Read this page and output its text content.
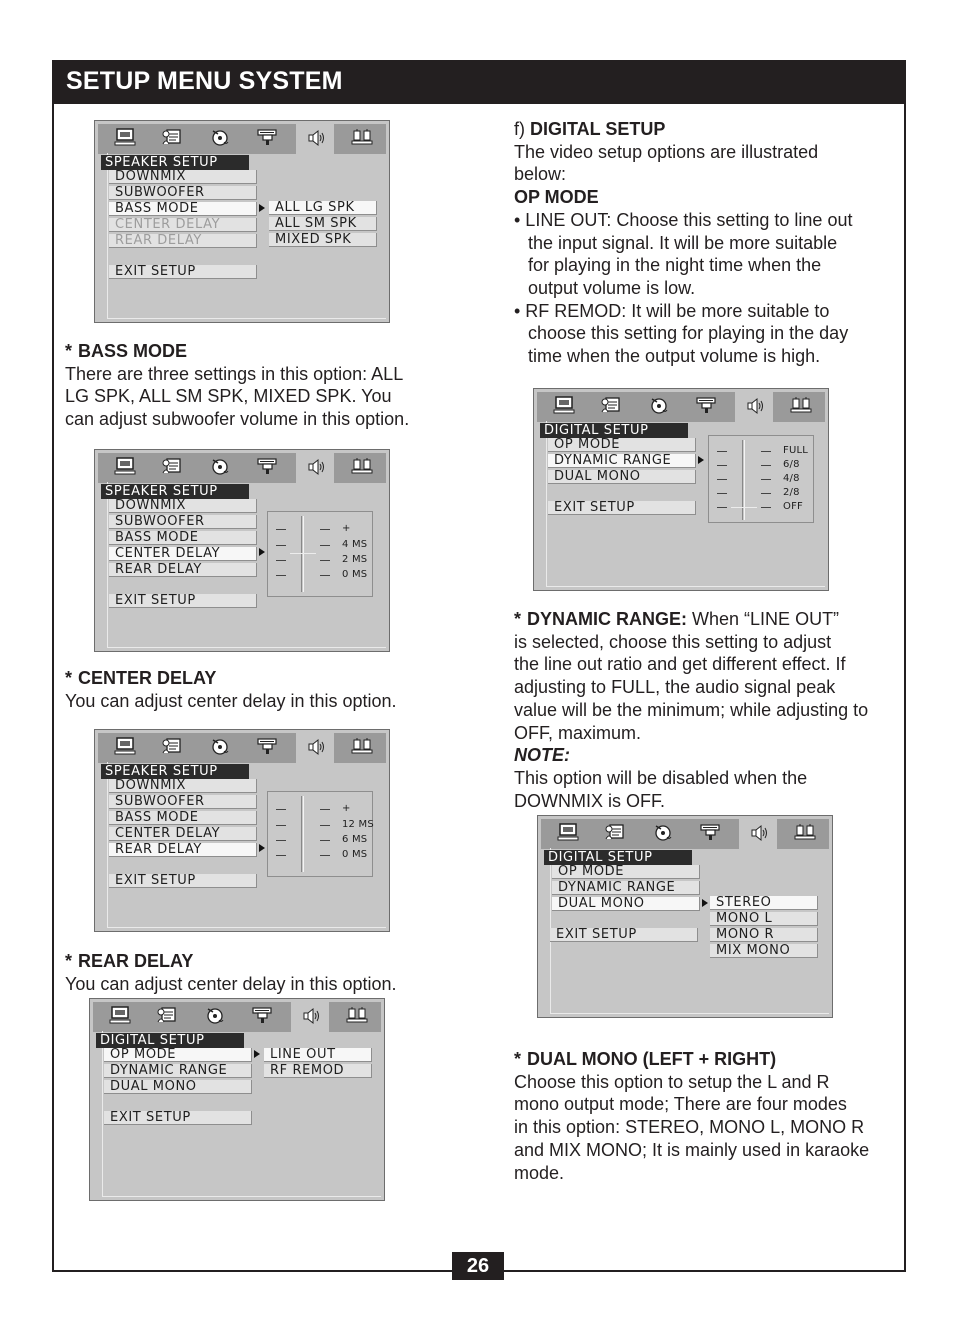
SETUP MENU SYSTEM
SPEAKER SETUP
DOWNMIX
SUBWOOFER
BASS MODE
CENTER DELAY
REAR DELAY
EXIT SETUP
ALL LG SPK
ALL SM SPK
MIXED SPK

* BASS MODE

There are three settings in this option: ALL

LG SPK, ALL SM SPK, MIXED SPK. You

can adjust subwoofer volume in this option.

SPEAKER SETUP
DOWNMIX
SUBWOOFER
BASS MODE
CENTER DELAY
REAR DELAY
EXIT SETUP
+
4 MS
2 MS
0 MS

* CENTER DELAY

You can adjust center delay in this option.

SPEAKER SETUP
DOWNMIX
SUBWOOFER
BASS MODE
CENTER DELAY
REAR DELAY
EXIT SETUP
+
12 MS
6 MS
0 MS

* REAR DELAY

You can adjust center delay in this option.

DIGITAL SETUP
OP MODE
DYNAMIC RANGE
DUAL MONO
EXIT SETUP
LINE OUT
RF REMOD

f) DIGITAL SETUP

The video setup options are illustrated

below:

OP MODE

• LINE OUT: Choose this setting to line out

the input signal. It will be more suitable

for playing in the night time when the

output volume is low.

• RF REMOD: It will be more suitable to

choose this setting for playing in the day

time when the output volume is high.

DIGITAL SETUP
OP MODE
DYNAMIC RANGE
DUAL MONO
EXIT SETUP
FULL
6/8
4/8
2/8
OFF

* DYNAMIC RANGE: When “LINE OUT”

is selected, choose this setting to adjust

the line out ratio and get different effect. If

adjusting to FULL, the audio signal peak

value will be the minimum; while adjusting to

OFF, maximum.

NOTE:

This option will be disabled when the

DOWNMIX is OFF.

DIGITAL SETUP
OP MODE
DYNAMIC RANGE
DUAL MONO
EXIT SETUP
STEREO
MONO L
MONO R
MIX MONO

* DUAL MONO (LEFT + RIGHT)

Choose this option to setup the L and R

mono output mode; There are four modes

in this option: STEREO, MONO L, MONO R

and MIX MONO; It is mainly used in karaoke

mode.

26
